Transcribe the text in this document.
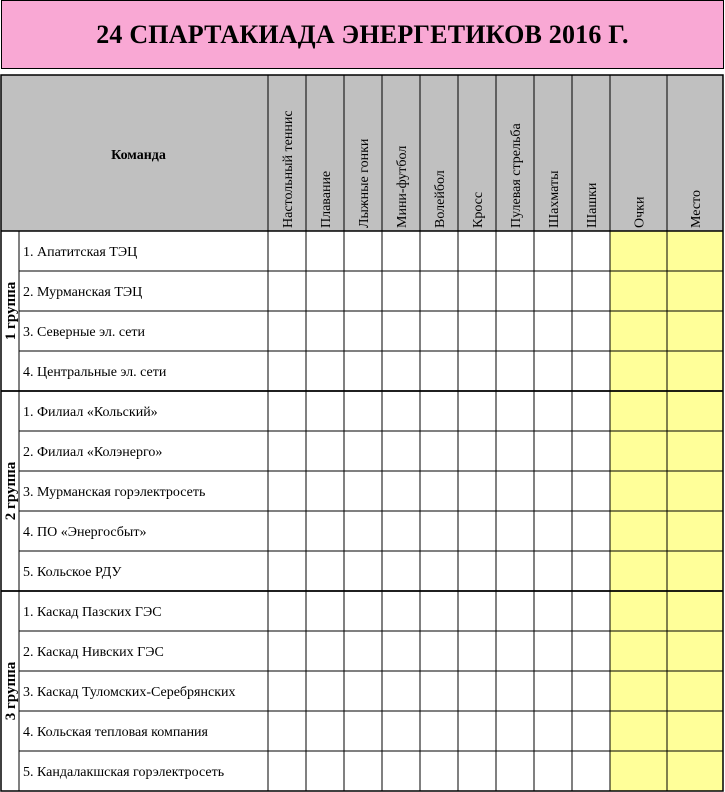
24 СПАРТАКИАДА ЭНЕРГЕТИКОВ 2016 Г.
Команда	Настольный теннис Плавание Лыжные гонки Мини-футбол Волейбол Кросс Пулевая стрельба Шахматы Шашки Очки	Место
1 группа
2 группа
3 группа
1. Апатитская ТЭЦ
2. Мурманская ТЭЦ
3. Северные эл. сети
4. Центральные эл. сети
1. Филиал «Кольский»
2. Филиал «Колэнерго»
3. Мурманская горэлектросеть
4. ПО «Энергосбыт»
5. Кольское РДУ
1. Каскад Пазских ГЭС
2. Каскад Нивских ГЭС
3. Каскад Туломских-Серебрянских
4. Кольская тепловая компания
5. Кандалакшская горэлектросеть
